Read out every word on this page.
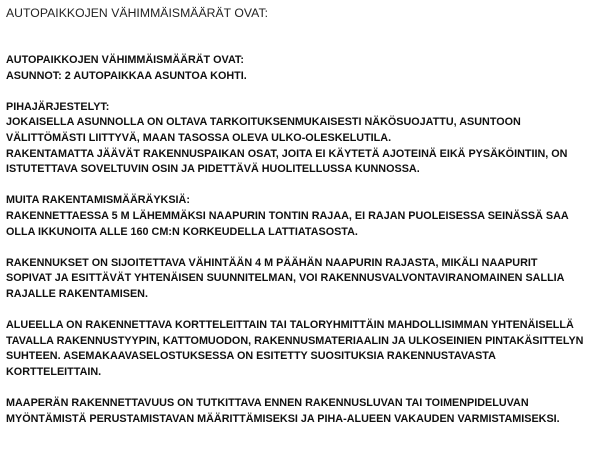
AUTOPAIKKOJEN VÄHIMMÄISMÄÄRÄT OVAT:
AUTOPAIKKOJEN VÄHIMMÄISMÄÄRÄT OVAT:
ASUNNOT: 2 AUTOPAIKKAA ASUNTOA KOHTI.
PIHAJÄRJESTELYT:
JOKAISELLA ASUNNOLLA ON OLTAVA TARKOITUKSENMUKAISESTI NÄKÖSUOJATTU, ASUNTOON
VÄLITTÖMÄSTI LIITTYVÄ, MAAN TASOSSA OLEVA ULKO-OLESKELUTILA.
RAKENTAMATTA JÄÄVÄT RAKENNUSPAIKAN OSAT, JOITA EI KÄYTETÄ AJOTEINÄ EIKÄ PYSÄKÖINTIIN, ON
ISTUTETTAVA SOVELTUVIN OSIN JA PIDETTÄVÄ HUOLITELLUSSA KUNNOSSA.
MUITA RAKENTAMISMÄÄRÄYKSIÄ:
RAKENNETTAESSA 5 M LÄHEMMÄKSI NAAPURIN TONTIN RAJAA, EI RAJAN PUOLEISESSA SEINÄSSÄ SAA
OLLA IKKUNOITA ALLE 160 CM:N KORKEUDELLA LATTIATASOSTA.
RAKENNUKSET ON SIJOITETTAVA VÄHINTÄÄN 4 M PÄÄHÄN NAAPURIN RAJASTA, MIKÄLI NAAPURIT
SOPIVAT JA ESITTÄVÄT YHTENÄISEN SUUNNITELMAN, VOI RAKENNUSVALVONTAVIRANOMAINEN SALLIA
RAJALLE RAKENTAMISEN.
ALUEELLA ON RAKENNETTAVA KORTTELEITTAIN TAI TALORYHMITTÄIN MAHDOLLISIMMAN YHTENÄISELLÄ
TAVALLA RAKENNUSTYYPIN, KATTOMUODON, RAKENNUSMATERIAALIN JA ULKOSEINIEN PINTAKÄSITTELYN
SUHTEEN. ASEMAKAAVASELOSTUKSESSA ON ESITETTY SUOSITUKSIA RAKENNUSTAVASTA
KORTTELEITTAIN.
MAAPERÄN RAKENNETTAVUUS ON TUTKITTAVA ENNEN RAKENNUSLUVAN TAI TOIMENPIDELUVAN
MYÖNTÄMISTÄ PERUSTAMISTAVAN MÄÄRITTÄMISEKSI JA PIHA-ALUEEN VAKAUDEN VARMISTAMISEKSI.
